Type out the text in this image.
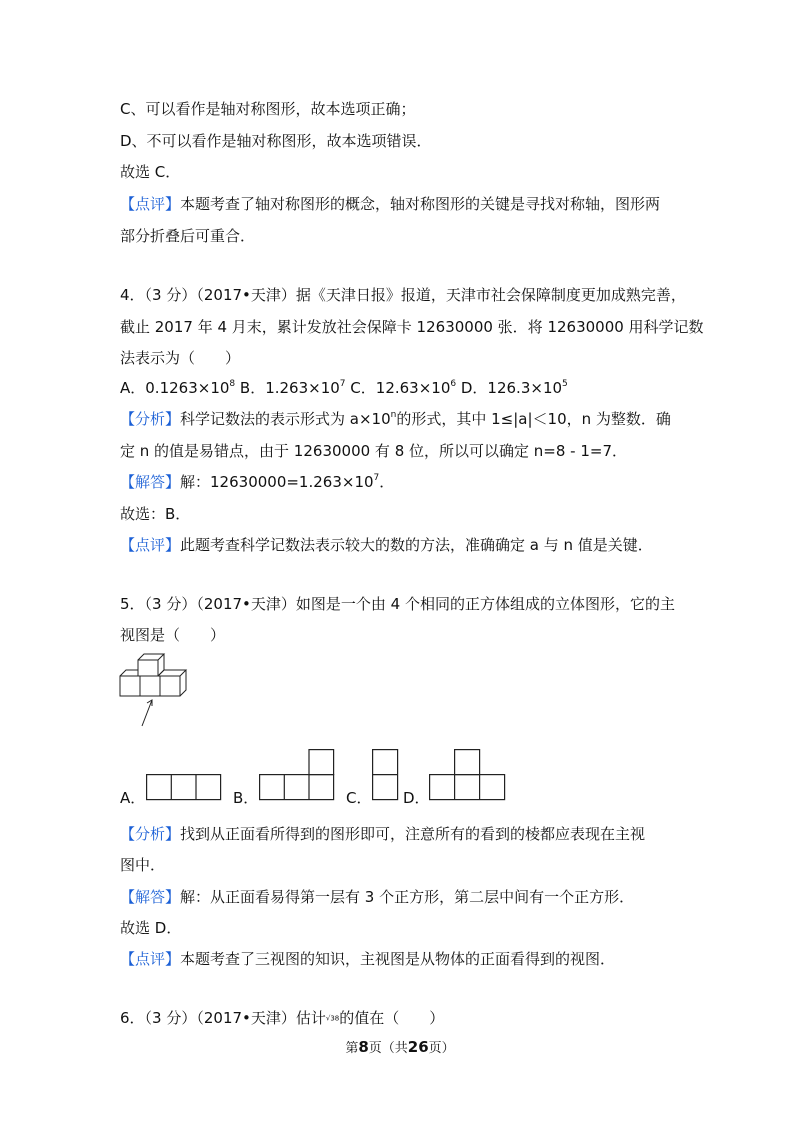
C、可以看作是轴对称图形，故本选项正确；
D、不可以看作是轴对称图形，故本选项错误．
故选 C．
【点评】本题考查了轴对称图形的概念，轴对称图形的关键是寻找对称轴，图形两
部分折叠后可重合．
4．（3 分）（2017•天津）据《天津日报》报道，天津市社会保障制度更加成熟完善，
截止 2017 年 4 月末，累计发放社会保障卡 12630000 张．将 12630000 用科学记数
法表示为（　　）
A．$0.1263\times 10^8$ B．$1.263\times 10^7$ C．$12.63\times 10^6$ D．$126.3\times 10^5$
【分析】科学记数法的表示形式为 $a\times 10^n$的形式，其中 1≤|a|＜10，n 为整数．确
定 n 的值是易错点，由于 12630000 有 8 位，所以可以确定 n=8 - 1=7．
【解答】解：$12630000=1.263\times 10^7$．
故选：B．
【点评】此题考查科学记数法表示较大的数的方法，准确确定 a 与 n 值是关键．
5．（3 分）（2017•天津）如图是一个由 4 个相同的正方体组成的立体图形，它的主
视图是（　　）
A．	B．	C． D．
【分析】找到从正面看所得到的图形即可，注意所有的看到的棱都应表现在主视
图中．
【解答】解：从正面看易得第一层有 3 个正方形，第二层中间有一个正方形．
故选 D．
【点评】本题考查了三视图的知识，主视图是从物体的正面看得到的视图．
6．（3 分）（2017•天津）估计√38的值在（　　）
第8页（共26页）
